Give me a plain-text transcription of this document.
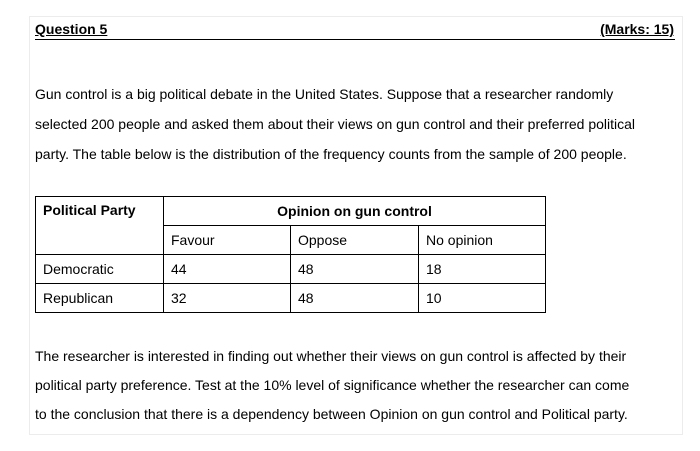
Question 5	(Marks: 15)

Gun control is a big political debate in the United States. Suppose that a researcher randomly
selected 200 people and asked them about their views on gun control and their preferred political
party. The table below is the distribution of the frequency counts from the sample of 200 people.

Political Party	Opinion on gun control		
	Favour	Oppose	No opinion
Democratic	44	48	18
Republican	32	48	10

The researcher is interested in finding out whether their views on gun control is affected by their
political party preference. Test at the 10% level of significance whether the researcher can come
to the conclusion that there is a dependency between Opinion on gun control and Political party.
